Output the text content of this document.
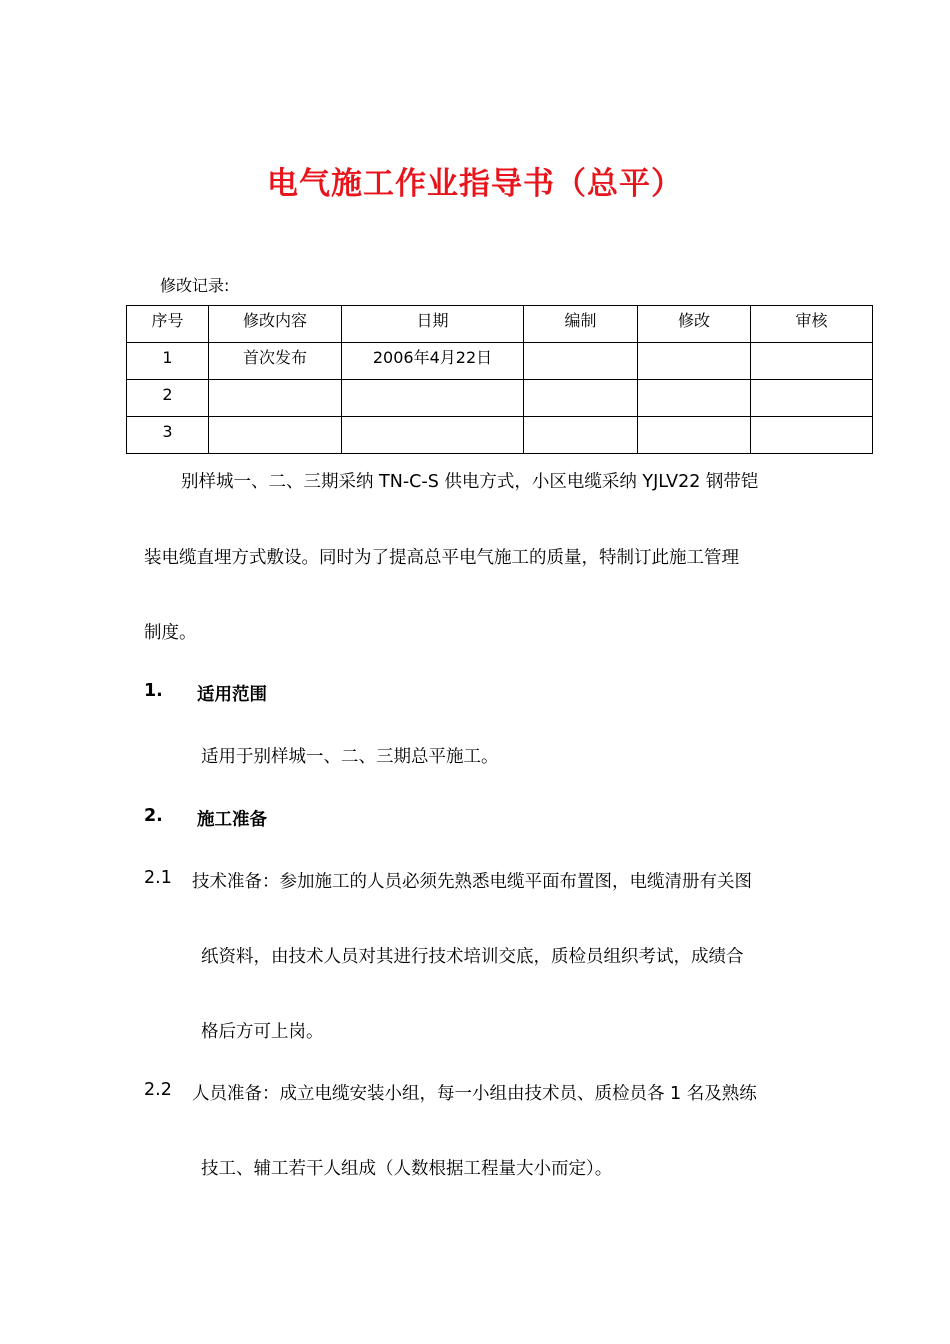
电气施工作业指导书（总平）
修改记录:
序号	修改内容	日期	编制	修改	审核
1	首次发布	2006年4月22日			
2					
3					
别样城一、二、三期采纳 TN-C-S 供电方式，小区电缆采纳 YJLV22 钢带铠
装电缆直埋方式敷设。同时为了提高总平电气施工的质量，特制订此施工管理
制度。
1. 适用范围
适用于别样城一、二、三期总平施工。
2. 施工准备
2.1 技术准备：参加施工的人员必须先熟悉电缆平面布置图，电缆清册有关图
纸资料，由技术人员对其进行技术培训交底，质检员组织考试，成绩合
格后方可上岗。
2.2 人员准备：成立电缆安装小组，每一小组由技术员、质检员各 1 名及熟练
技工、辅工若干人组成（人数根据工程量大小而定）。
